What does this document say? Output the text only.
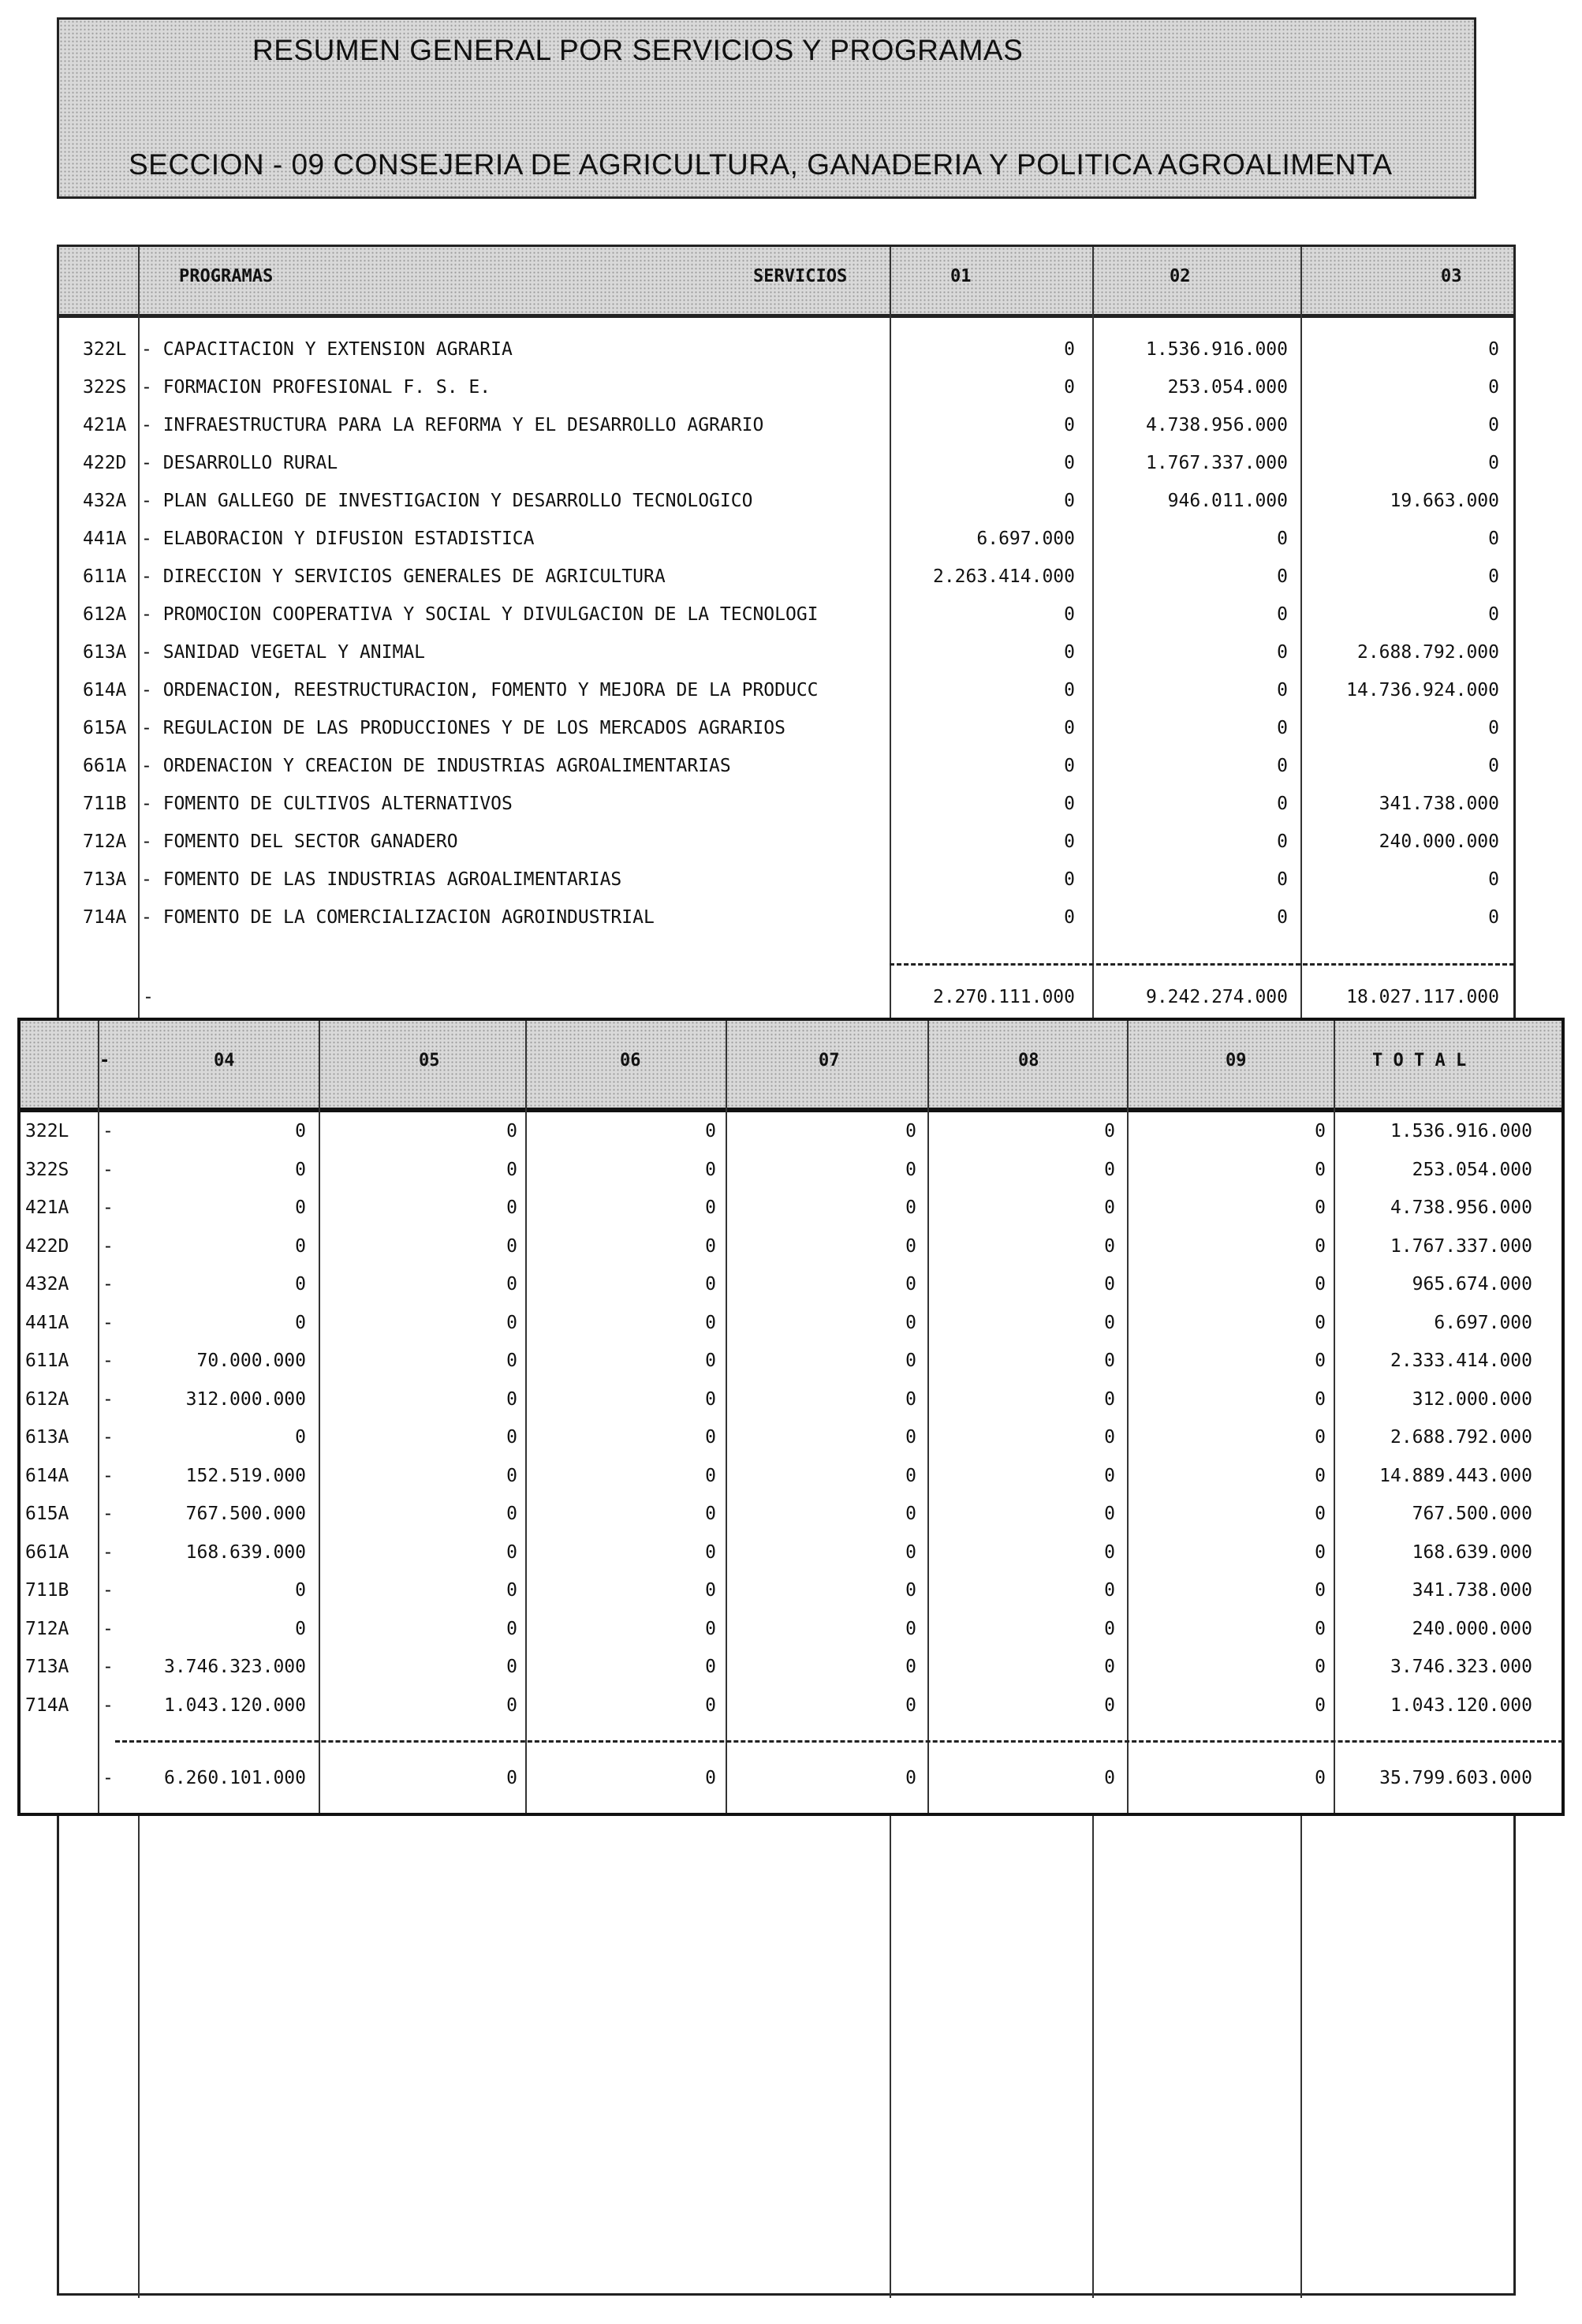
RESUMEN GENERAL POR SERVICIOS Y PROGRAMAS
SECCION - 09 CONSEJERIA DE AGRICULTURA, GANADERIA Y POLITICA AGROALIMENTA
PROGRAMAS	SERVICIOS	01	02	03
322L - CAPACITACION Y EXTENSION AGRARIA	0	1.536.916.000	0
322S - FORMACION PROFESIONAL F. S. E.	0	253.054.000	0
421A - INFRAESTRUCTURA PARA LA REFORMA Y EL DESARROLLO AGRARIO	0	4.738.956.000	0
422D - DESARROLLO RURAL	0	1.767.337.000	0
432A - PLAN GALLEGO DE INVESTIGACION Y DESARROLLO TECNOLOGICO	0	946.011.000	19.663.000
441A - ELABORACION Y DIFUSION ESTADISTICA	6.697.000	0	0
611A - DIRECCION Y SERVICIOS GENERALES DE AGRICULTURA	2.263.414.000	0	0
612A - PROMOCION COOPERATIVA Y SOCIAL Y DIVULGACION DE LA TECNOLOGI	0	0	0
613A - SANIDAD VEGETAL Y ANIMAL	0	0	2.688.792.000
614A - ORDENACION, REESTRUCTURACION, FOMENTO Y MEJORA DE LA PRODUCC	0	0	14.736.924.000
615A - REGULACION DE LAS PRODUCCIONES Y DE LOS MERCADOS AGRARIOS	0	0	0
661A - ORDENACION Y CREACION DE INDUSTRIAS AGROALIMENTARIAS	0	0	0
711B - FOMENTO DE CULTIVOS ALTERNATIVOS	0	0	341.738.000
712A - FOMENTO DEL SECTOR GANADERO	0	0	240.000.000
713A - FOMENTO DE LAS INDUSTRIAS AGROALIMENTARIAS	0	0	0
714A - FOMENTO DE LA COMERCIALIZACION AGROINDUSTRIAL	0	0	0
-	2.270.111.000	9.242.274.000	18.027.117.000
-	04	05	06	07	08	09	T O T A L
322L -	0	0	0	0	0	0	1.536.916.000
322S -	0	0	0	0	0	0	253.054.000
421A -	0	0	0	0	0	0	4.738.956.000
422D -	0	0	0	0	0	0	1.767.337.000
432A -	0	0	0	0	0	0	965.674.000
441A -	0	0	0	0	0	0	6.697.000
611A -	70.000.000	0	0	0	0	0	2.333.414.000
612A -	312.000.000	0	0	0	0	0	312.000.000
613A -	0	0	0	0	0	0	2.688.792.000
614A -	152.519.000	0	0	0	0	0	14.889.443.000
615A -	767.500.000	0	0	0	0	0	767.500.000
661A -	168.639.000	0	0	0	0	0	168.639.000
711B -	0	0	0	0	0	0	341.738.000
712A -	0	0	0	0	0	0	240.000.000
713A -	3.746.323.000	0	0	0	0	0	3.746.323.000
714A -	1.043.120.000	0	0	0	0	0	1.043.120.000
-	6.260.101.000	0	0	0	0	0	35.799.603.000
